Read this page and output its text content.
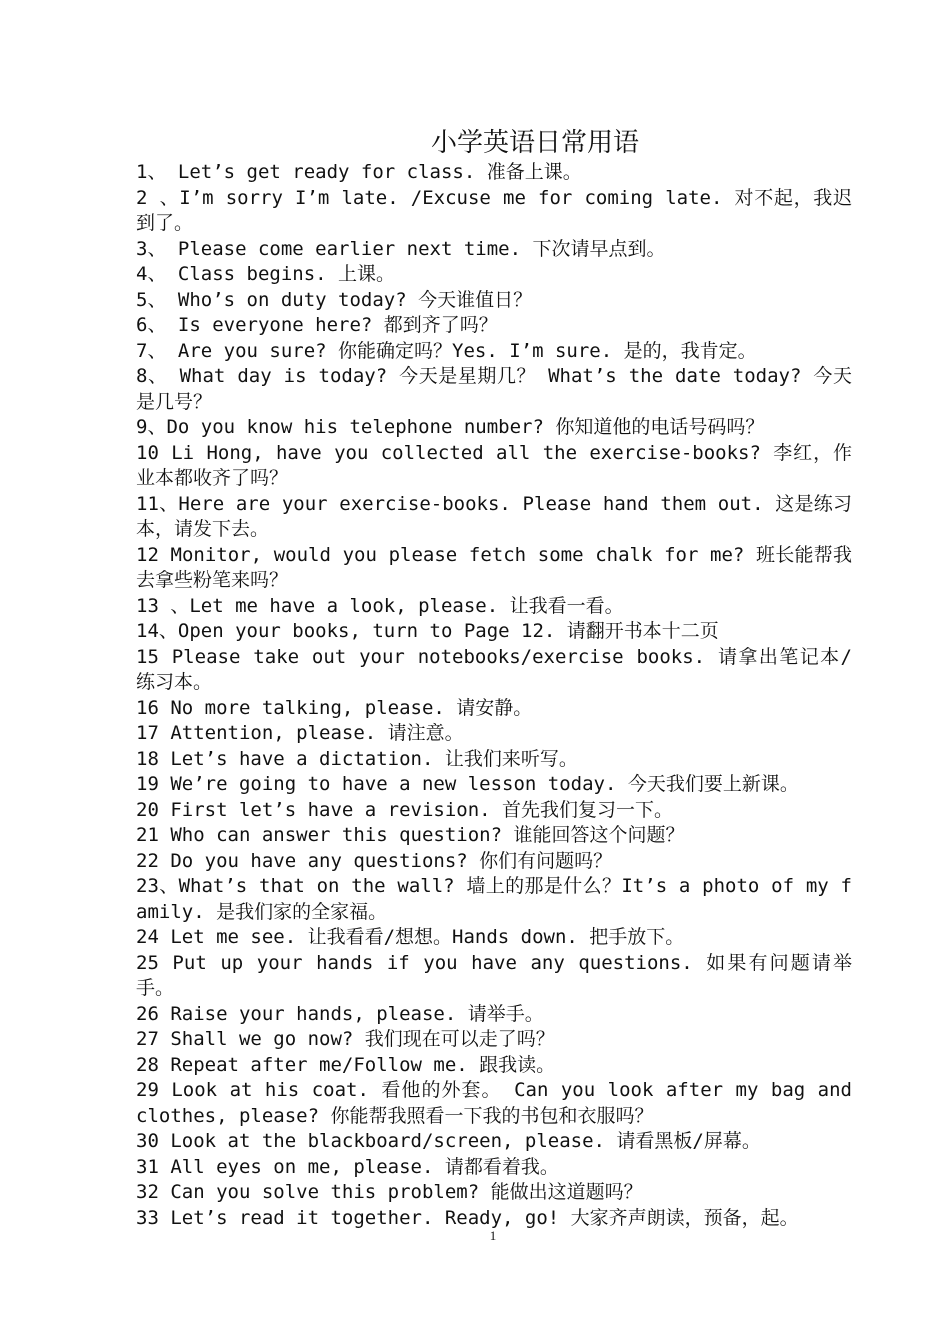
小学英语日常用语
1、 Let’s get ready for class. 准备上课。
2 、I’m sorry I’m late. /Excuse me for coming late. 对不起，我迟到了。
3、 Please come earlier next time. 下次请早点到。
4、 Class begins. 上课。
5、 Who’s on duty today? 今天谁值日？
6、 Is everyone here? 都到齐了吗？
7、 Are you sure? 你能确定吗？Yes. I’m sure. 是的，我肯定。
8、 What day is today? 今天是星期几？ What’s the date today? 今天是几号？
9、Do you know his telephone number? 你知道他的电话号码吗？
10 Li Hong, have you collected all the exercise-books? 李红，作业本都收齐了吗？
11、Here are your exercise-books. Please hand them out. 这是练习本，请发下去。
12 Monitor, would you please fetch some chalk for me? 班长能帮我去拿些粉笔来吗？
13 、Let me have a look, please. 让我看一看。
14、Open your books, turn to Page 12. 请翻开书本十二页
15 Please take out your notebooks/exercise books. 请拿出笔记本/练习本。
16 No more talking, please. 请安静。
17 Attention, please. 请注意。
18 Let’s have a dictation. 让我们来听写。
19 We’re going to have a new lesson today. 今天我们要上新课。
20 First let’s have a revision. 首先我们复习一下。
21 Who can answer this question? 谁能回答这个问题？
22 Do you have any questions? 你们有问题吗？
23、What’s that on the wall? 墙上的那是什么？It’s a photo of my family. 是我们家的全家福。
24 Let me see. 让我看看/想想。Hands down. 把手放下。
25 Put up your hands if you have any questions. 如果有问题请举手。
26 Raise your hands, please. 请举手。
27 Shall we go now? 我们现在可以走了吗？
28 Repeat after me/Follow me. 跟我读。
29 Look at his coat. 看他的外套。 Can you look after my bag and clothes, please? 你能帮我照看一下我的书包和衣服吗？
30 Look at the blackboard/screen, please. 请看黑板/屏幕。
31 All eyes on me, please. 请都看着我。
32 Can you solve this problem? 能做出这道题吗？
33 Let’s read it together. Ready, go! 大家齐声朗读，预备，起。
1
